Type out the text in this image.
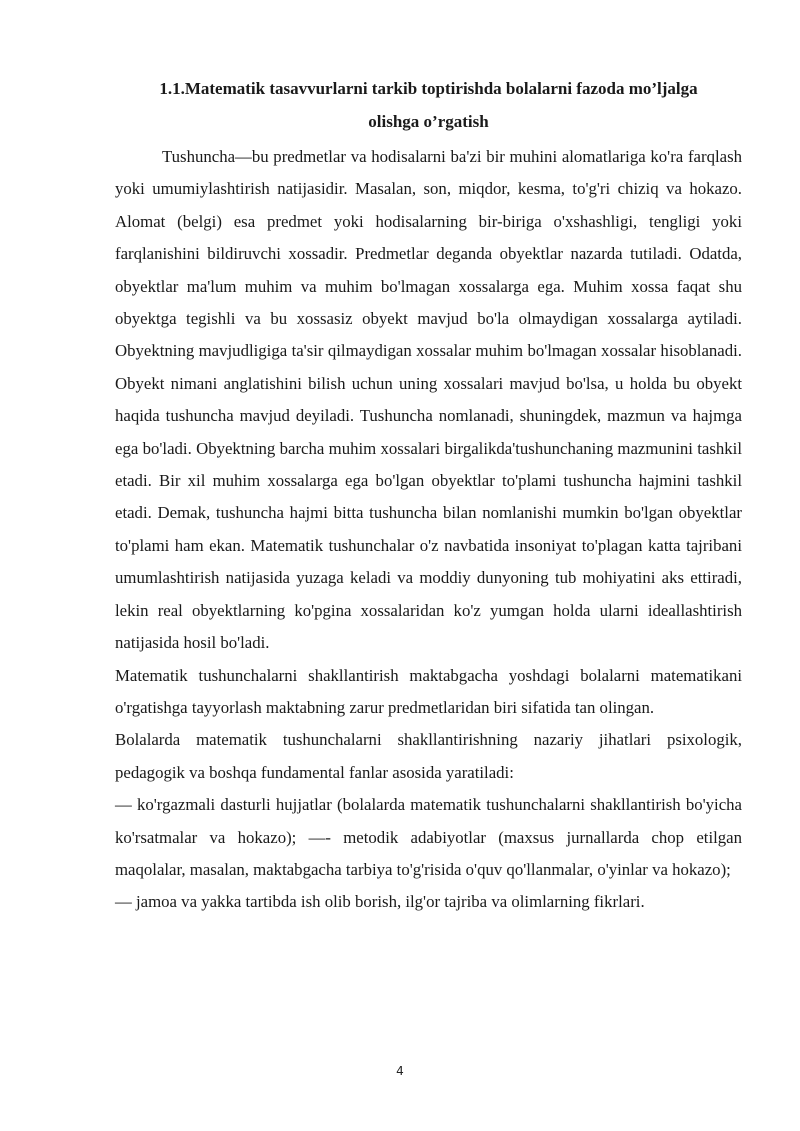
1.1.Matematik tasavvurlarni tarkib toptirishda bolalarni fazoda mo’ljalga
olishga o’rgatish

Tushuncha—bu predmetlar va hodisalarni ba'zi bir muhini alomatlariga ko'ra farqlash yoki umumiylashtirish natijasidir. Masalan, son, miqdor, kesma, to'g'ri chiziq va hokazo. Alomat (belgi) esa predmet yoki hodisalarning bir-biriga o'xshashligi, tengligi yoki farqlanishini bildiruvchi xossadir. Predmetlar deganda obyektlar nazarda tutiladi. Odatda, obyektlar ma'lum muhim va muhim bo'lmagan xossalarga ega. Muhim xossa faqat shu obyektga tegishli va bu xossasiz obyekt mavjud bo'la olmaydigan xossalarga aytiladi. Obyektning mavjudligiga ta'sir qilmaydigan xossalar muhim bo'lmagan xossalar hisoblanadi. Obyekt nimani anglatishini bilish uchun uning xossalari mavjud bo'lsa, u holda bu obyekt haqida tushuncha mavjud deyiladi. Tushuncha nomlanadi, shuningdek, mazmun va hajmga ega bo'ladi. Obyektning barcha muhim xossalari birgalikda'tushunchaning mazmunini tashkil etadi. Bir xil muhim xossalarga ega bo'lgan obyektlar to'plami tushuncha hajmini tashkil etadi. Demak, tushuncha hajmi bitta tushuncha bilan nomlanishi mumkin bo'lgan obyektlar to'plami ham ekan. Matematik tushunchalar o'z navbatida insoniyat to'plagan katta tajribani umumlashtirish natijasida yuzaga keladi va moddiy dunyoning tub mohiyatini aks ettiradi, lekin real obyektlarning ko'pgina xossalaridan ko'z yumgan holda ularni ideallashtirish natijasida hosil bo'ladi.

Matematik tushunchalarni shakllantirish maktabgacha yoshdagi bolalarni matematikani o'rgatishga tayyorlash maktabning zarur predmetlaridan biri sifatida tan olingan.

Bolalarda matematik tushunchalarni shakllantirishning nazariy jihatlari psixologik, pedagogik va boshqa fundamental fanlar asosida yaratiladi:

— ko'rgazmali dasturli hujjatlar (bolalarda matematik tushunchalarni shakllantirish bo'yicha ko'rsatmalar va hokazo); —- metodik adabiyotlar (maxsus jurnallarda chop etilgan maqolalar, masalan, maktabgacha tarbiya to'g'risida o'quv qo'llanmalar, o'yinlar va hokazo);

— jamoa va yakka tartibda ish olib borish, ilg'or tajriba va olimlarning fikrlari.

4
